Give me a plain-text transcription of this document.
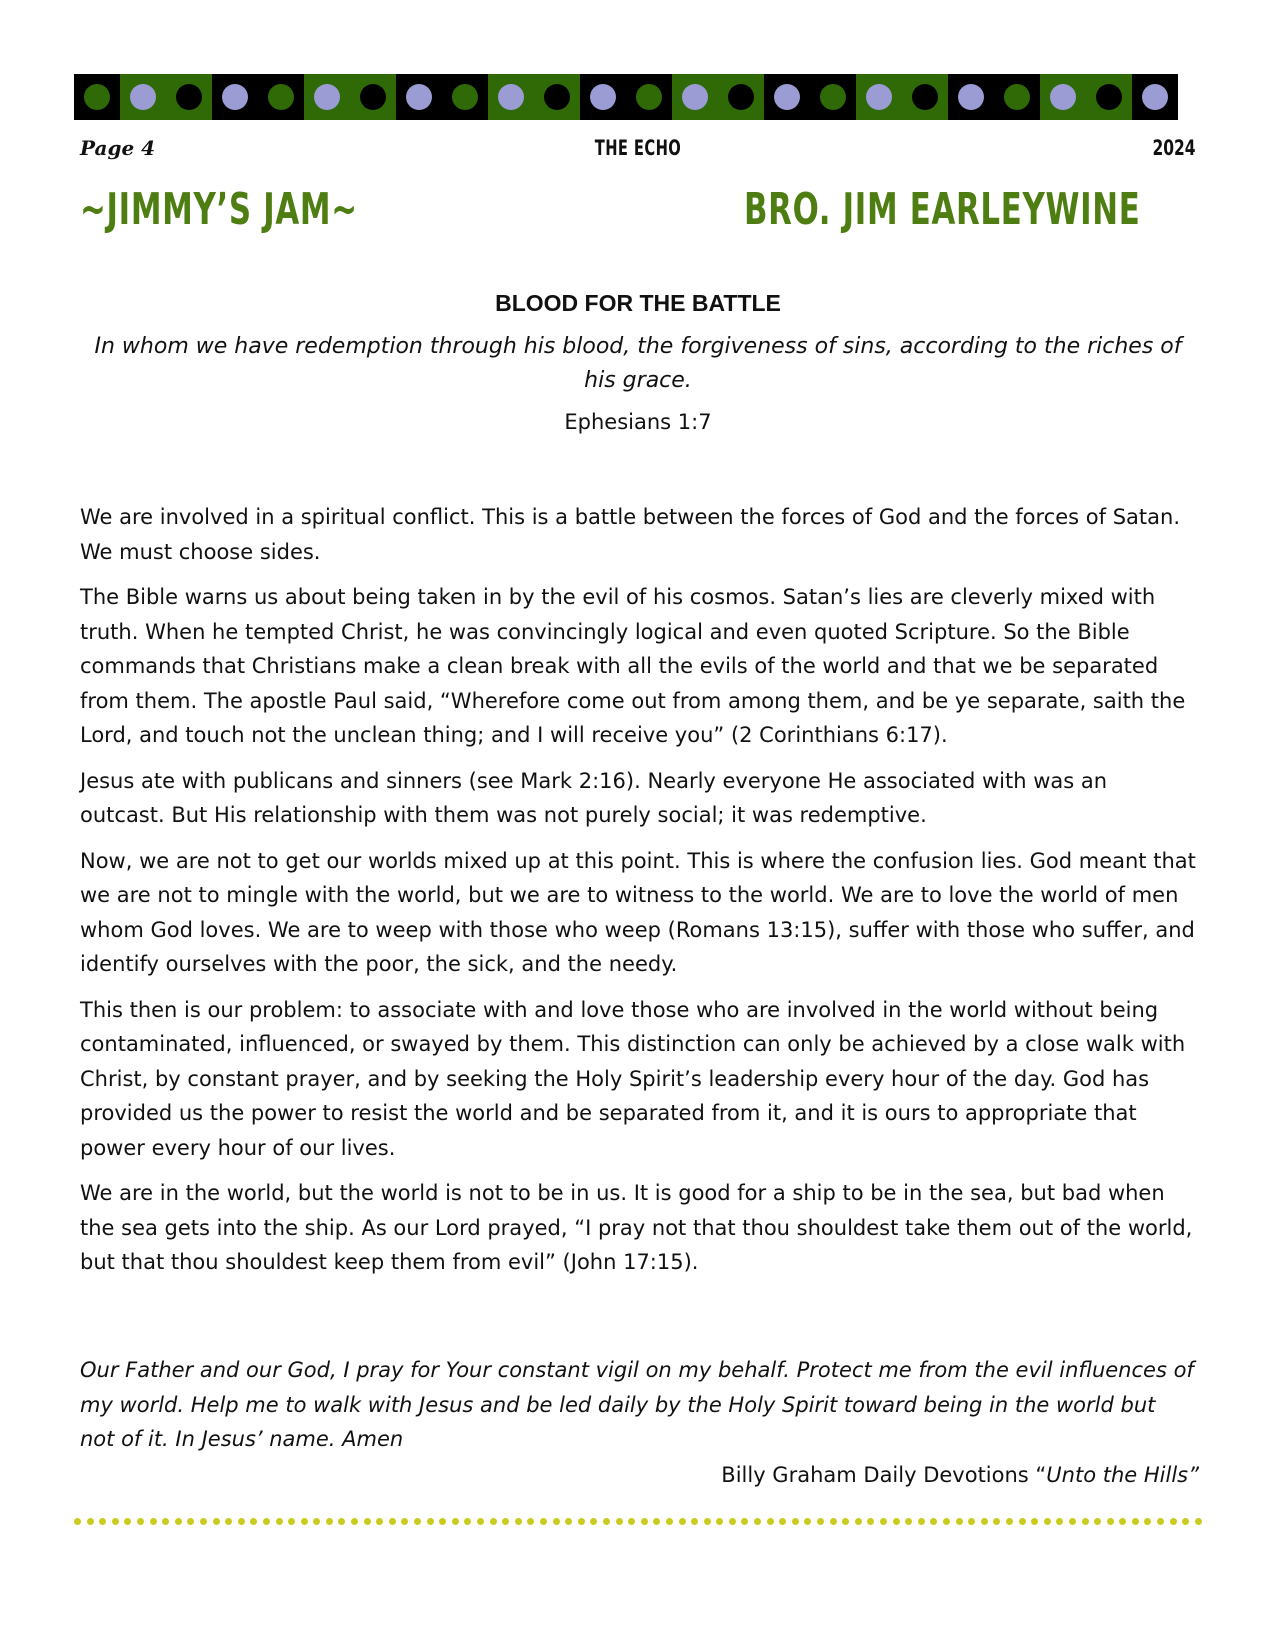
Page 4	THE ECHO	2024
~JIMMY’S JAM~	BRO. JIM EARLEYWINE
BLOOD FOR THE BATTLE
In whom we have redemption through his blood, the forgiveness of sins, according to the riches of his grace.
Ephesians 1:7

We are involved in a spiritual conflict. This is a battle between the forces of God and the forces of Satan. We must choose sides.

The Bible warns us about being taken in by the evil of his cosmos. Satan’s lies are cleverly mixed with truth. When he tempted Christ, he was convincingly logical and even quoted Scripture. So the Bible commands that Christians make a clean break with all the evils of the world and that we be separated from them. The apostle Paul said, “Wherefore come out from among them, and be ye separate, saith the Lord, and touch not the unclean thing; and I will receive you” (2 Corinthians 6:17).

Jesus ate with publicans and sinners (see Mark 2:16). Nearly everyone He associated with was an outcast. But His relationship with them was not purely social; it was redemptive.

Now, we are not to get our worlds mixed up at this point. This is where the confusion lies. God meant that we are not to mingle with the world, but we are to witness to the world. We are to love the world of men whom God loves. We are to weep with those who weep (Romans 13:15), suffer with those who suffer, and identify ourselves with the poor, the sick, and the needy.

This then is our problem: to associate with and love those who are involved in the world without being contaminated, influenced, or swayed by them. This distinction can only be achieved by a close walk with Christ, by constant prayer, and by seeking the Holy Spirit’s leadership every hour of the day. God has provided us the power to resist the world and be separated from it, and it is ours to appropriate that power every hour of our lives.

We are in the world, but the world is not to be in us. It is good for a ship to be in the sea, but bad when the sea gets into the ship. As our Lord prayed, “I pray not that thou shouldest take them out of the world, but that thou shouldest keep them from evil” (John 17:15).

Our Father and our God, I pray for Your constant vigil on my behalf. Protect me from the evil influences of my world. Help me to walk with Jesus and be led daily by the Holy Spirit toward being in the world but not of it. In Jesus’ name. Amen
Billy Graham Daily Devotions “Unto the Hills”
